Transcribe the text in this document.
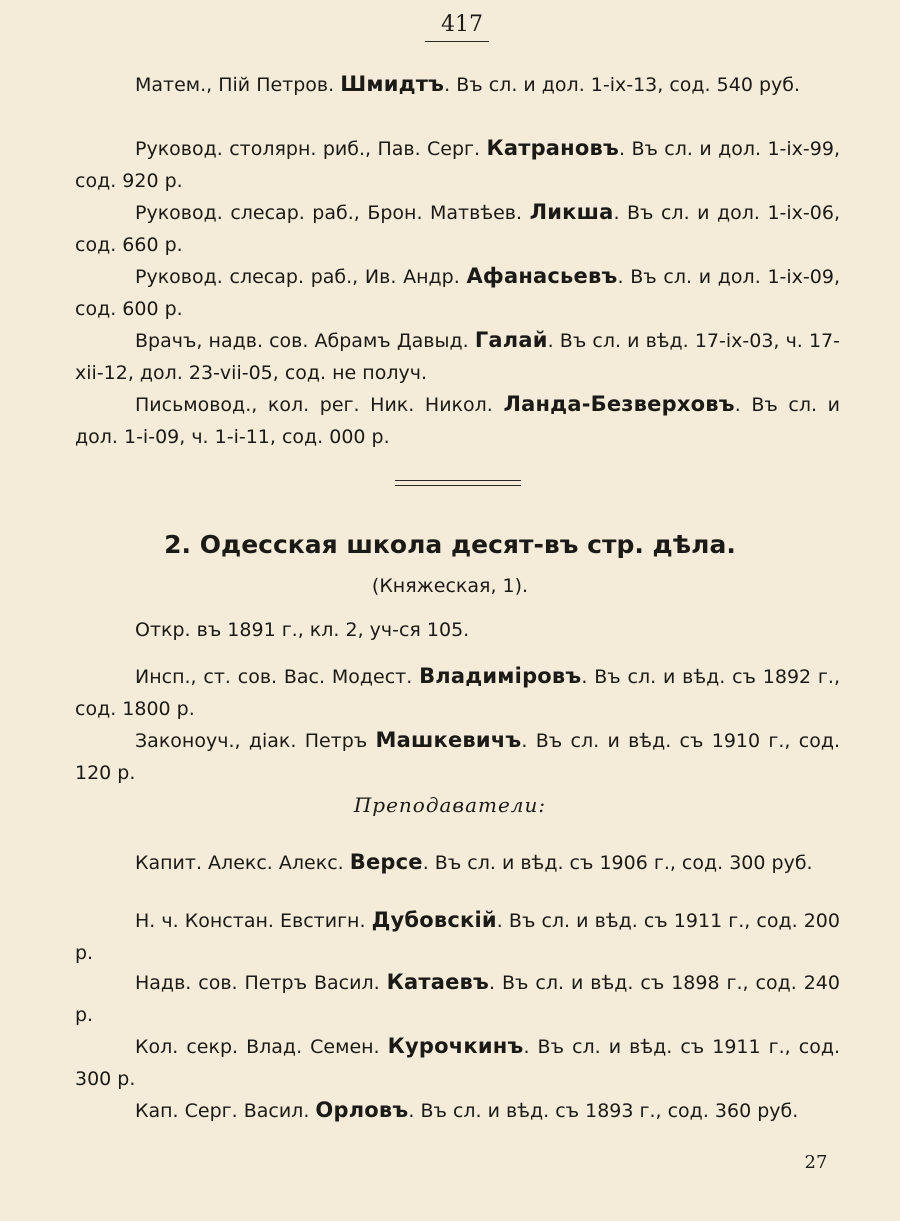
417
Матем., Пій Петров. Шмидтъ. Въ сл. и дол. 1-ix-13, сод. 540 руб.
Руковод. столярн. риб., Пав. Серг. Катрановъ. Въ сл. и дол. 1-ix-99, сод. 920 р.
Руковод. слесар. раб., Брон. Матвѣев. Ликша. Въ сл. и дол. 1-ix-06, сод. 660 р.
Руковод. слесар. раб., Ив. Андр. Афанасьевъ. Въ сл. и дол. 1-ix-09, сод. 600 р.
Врачъ, надв. сов. Абрамъ Давыд. Галай. Въ сл. и вѣд. 17-ix-03, ч. 17-xii-12, дол. 23-vii-05, сод. не получ.
Письмовод., кол. рег. Ник. Никол. Ланда-Безверховъ. Въ сл. и дол. 1-i-09, ч. 1-i-11, сод. 000 р.
2. Одесская школа десят-въ стр. дѣла.
(Княжеская, 1).
Откр. въ 1891 г., кл. 2, уч-ся 105.
Инсп., ст. сов. Вас. Модест. Владиміровъ. Въ сл. и вѣд. съ 1892 г., сод. 1800 р.
Законоуч., діак. Петръ Машкевичъ. Въ сл. и вѣд. съ 1910 г., сод. 120 р.
Преподаватели:
Капит. Алекс. Алекс. Версе. Въ сл. и вѣд. съ 1906 г., сод. 300 руб.
Н. ч. Констан. Евстигн. Дубовскій. Въ сл. и вѣд. съ 1911 г., сод. 200 р.
Надв. сов. Петръ Васил. Катаевъ. Въ сл. и вѣд. съ 1898 г., сод. 240 р.
Кол. секр. Влад. Семен. Курочкинъ. Въ сл. и вѣд. съ 1911 г., сод. 300 р.
Кап. Серг. Васил. Орловъ. Въ сл. и вѣд. съ 1893 г., сод. 360 руб.
27
